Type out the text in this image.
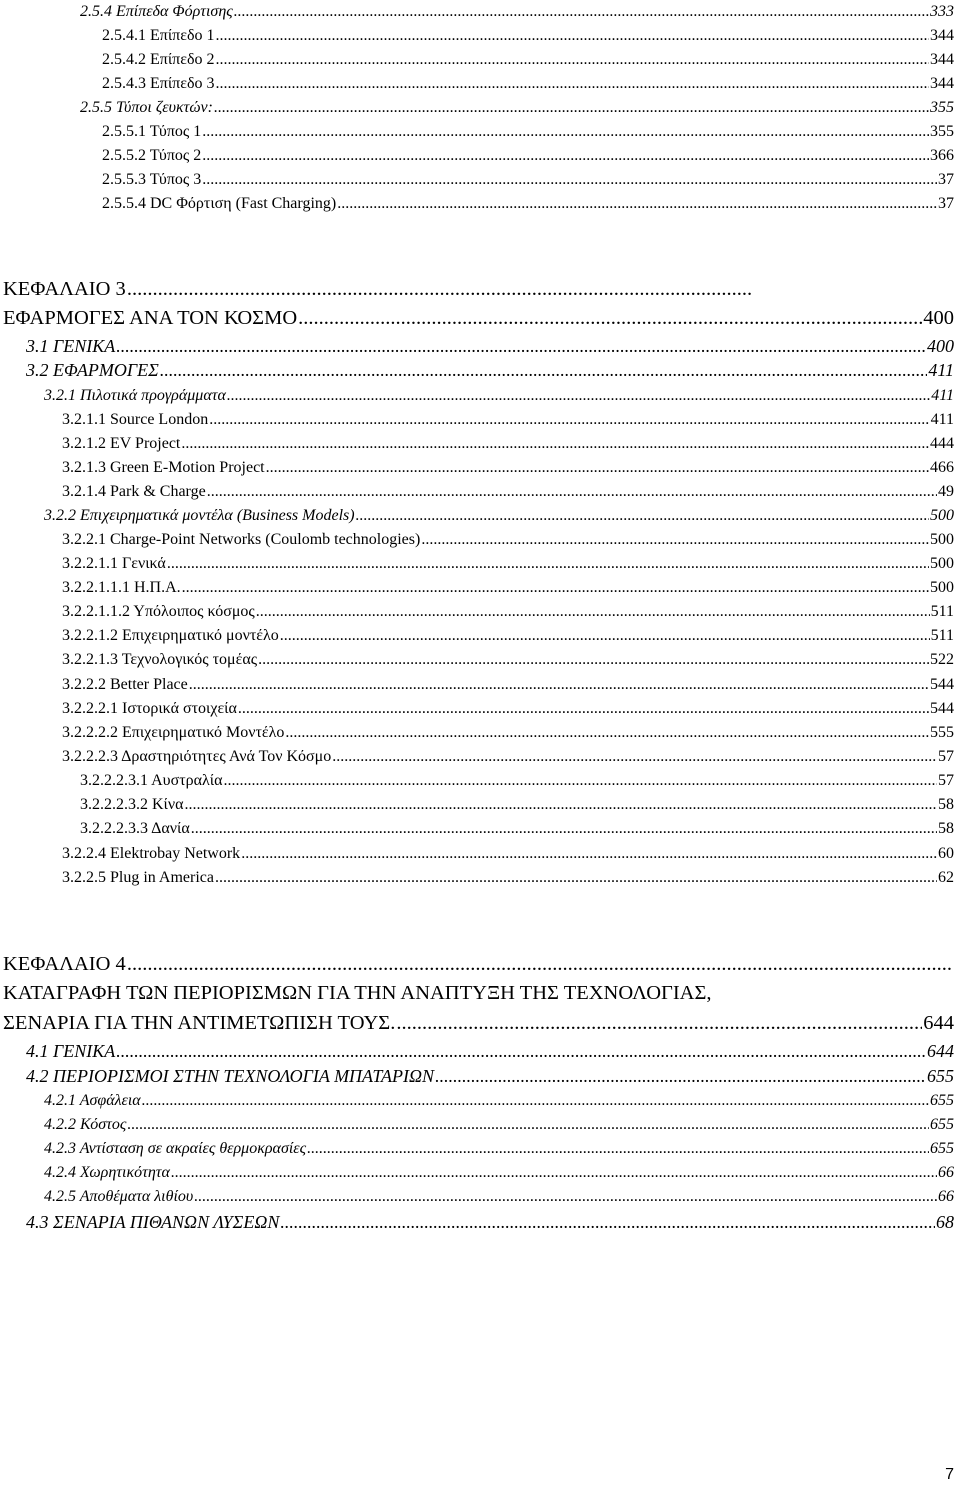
2.5.4 Επίπεδα Φόρτισης .....	333
2.5.4.1 Επίπεδο 1 .....	344
2.5.4.2 Επίπεδο 2 .....	344
2.5.4.3 Επίπεδο 3 .....	344
2.5.5 Τύποι ζευκτών: .....	355
2.5.5.1 Τύπος 1 .....	355
2.5.5.2 Τύπος 2 .....	366
2.5.5.3 Τύπος 3 .....	37
2.5.5.4 DC Φόρτιση (Fast Charging) .....	37
ΚΕΦΑΛΑΙΟ 3
.....
ΕΦΑΡΜΟΓΕΣ ΑΝΑ ΤΟΝ ΚΟΣΜΟ .....	400
3.1 ΓΕΝΙΚΑ .....	400
3.2 ΕΦΑΡΜΟΓΕΣ .....	411
3.2.1 Πιλοτικά προγράμματα .....	411
3.2.1.1 Source London .....	411
3.2.1.2 EV Project .....	444
3.2.1.3 Green E-Motion Project .....	466
3.2.1.4 Park & Charge .....	49
3.2.2 Επιχειρηματικά μοντέλα (Business Models) .....	500
3.2.2.1 Charge-Point Networks (Coulomb technologies) .....	500
3.2.2.1.1 Γενικά .....	500
3.2.2.1.1.1 Η.Π.Α. .....	500
3.2.2.1.1.2 Υπόλοιπος κόσμος .....	511
3.2.2.1.2 Επιχειρηματικό μοντέλο .....	511
3.2.2.1.3 Τεχνολογικός τομέας .....	522
3.2.2.2 Better Place .....	544
3.2.2.2.1 Ιστορικά στοιχεία .....	544
3.2.2.2.2 Επιχειρηματικό Μοντέλο .....	555
3.2.2.2.3 Δραστηριότητες Ανά Τον Κόσμο .....	57
3.2.2.2.3.1 Αυστραλία .....	57
3.2.2.2.3.2 Κίνα .....	58
3.2.2.2.3.3 Δανία .....	58
3.2.2.4 Elektrobay Network .....	60
3.2.2.5 Plug in America .....	62
ΚΕΦΑΛΑΙΟ 4
.....
ΚΑΤΑΓΡΑΦΗ ΤΩΝ ΠΕΡΙΟΡΙΣΜΩΝ ΓΙΑ ΤΗΝ ΑΝΑΠΤΥΞΗ ΤΗΣ ΤΕΧΝΟΛΟΓΙΑΣ,
ΣΕΝΑΡΙΑ ΓΙΑ ΤΗΝ ΑΝΤΙΜΕΤΩΠΙΣΗ ΤΟΥΣ. .....	644
4.1 ΓΕΝΙΚΑ .....	644
4.2 ΠΕΡΙΟΡΙΣΜΟΙ ΣΤΗΝ ΤΕΧΝΟΛΟΓΙΑ ΜΠΑΤΑΡΙΩΝ .....	655
4.2.1 Ασφάλεια .....	655
4.2.2 Κόστος .....	655
4.2.3 Αντίσταση σε ακραίες θερμοκρασίες .....	655
4.2.4 Χωρητικότητα .....	66
4.2.5 Αποθέματα λιθίου .....	66
4.3 ΣΕΝΑΡΙΑ ΠΙΘΑΝΩΝ ΛΥΣΕΩΝ .....	68
7
